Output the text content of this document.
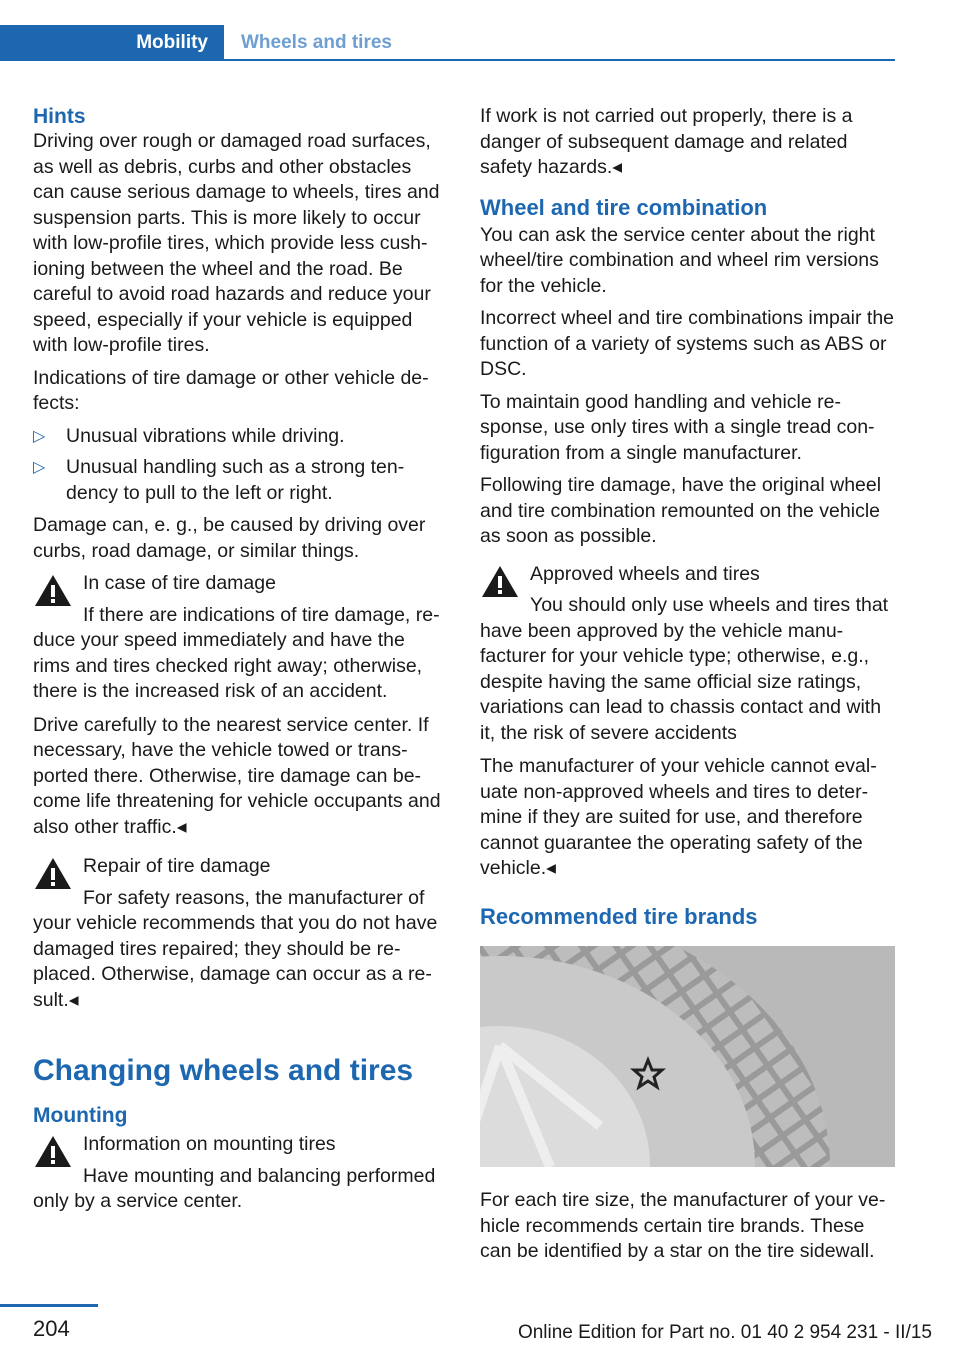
Mobility	Wheels and tires
Hints

Driving over rough or damaged road surfaces, as well as debris, curbs and other obstacles can cause serious damage to wheels, tires and suspension parts. This is more likely to occur with low-profile tires, which provide less cush‐ioning between the wheel and the road. Be careful to avoid road hazards and reduce your speed, especially if your vehicle is equipped with low-profile tires.

Indications of tire damage or other vehicle de‐fects:

▷ Unusual vibrations while driving.
▷ Unusual handling such as a strong ten‐dency to pull to the left or right.

Damage can, e. g., be caused by driving over curbs, road damage, or similar things.

In case of tire damage

If there are indications of tire damage, re‐duce your speed immediately and have the rims and tires checked right away; otherwise, there is the increased risk of an accident.

Drive carefully to the nearest service center. If necessary, have the vehicle towed or trans‐ported there. Otherwise, tire damage can be‐come life threatening for vehicle occupants and also other traffic.◂

Repair of tire damage

For safety reasons, the manufacturer of your vehicle recommends that you do not have damaged tires repaired; they should be re‐placed. Otherwise, damage can occur as a re‐sult.◂

Changing wheels and tires
Mounting
Information on mounting tires

Have mounting and balancing performed only by a service center.

If work is not carried out properly, there is a danger of subsequent damage and related safety hazards.◂

Wheel and tire combination

You can ask the service center about the right wheel/tire combination and wheel rim versions for the vehicle.

Incorrect wheel and tire combinations impair the function of a variety of systems such as ABS or DSC.

To maintain good handling and vehicle re‐sponse, use only tires with a single tread con‐figuration from a single manufacturer.

Following tire damage, have the original wheel and tire combination remounted on the vehicle as soon as possible.

Approved wheels and tires

You should only use wheels and tires that have been approved by the vehicle manu‐facturer for your vehicle type; otherwise, e.g., despite having the same official size ratings, variations can lead to chassis contact and with it, the risk of severe accidents

The manufacturer of your vehicle cannot eval‐uate non-approved wheels and tires to deter‐mine if they are suited for use, and therefore cannot guarantee the operating safety of the vehicle.◂

Recommended tire brands

For each tire size, the manufacturer of your ve‐hicle recommends certain tire brands. These can be identified by a star on the tire sidewall.

204	Online Edition for Part no. 01 40 2 954 231 - II/15
